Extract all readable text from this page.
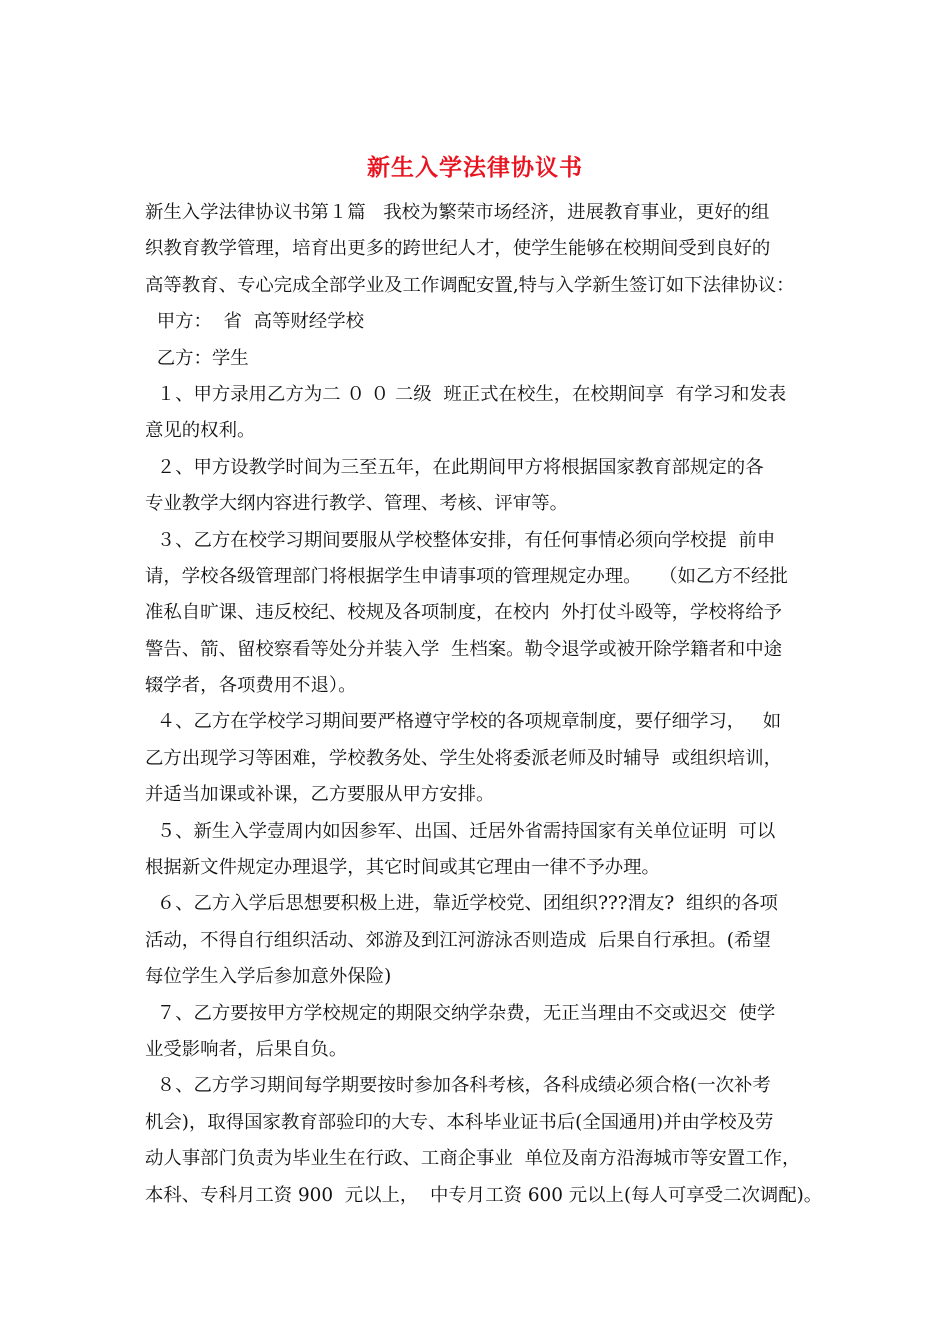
新生入学法律协议书
新生入学法律协议书第１篇   我校为繁荣市场经济，进展教育事业，更好的组
织教育教学管理，培育出更多的跨世纪人才，使学生能够在校期间受到良好的
高等教育、专心完成全部学业及工作调配安置,特与入学新生签订如下法律协议：
甲方：  省  高等财经学校
乙方：学生
１、甲方录用乙方为二 ０ ０ 二级  班正式在校生，在校期间享  有学习和发表
意见的权利。
２、甲方设教学时间为三至五年，在此期间甲方将根据国家教育部规定的各
专业教学大纲内容进行教学、管理、考核、评审等。
３、乙方在校学习期间要服从学校整体安排，有任何事情必须向学校提  前申
请，学校各级管理部门将根据学生申请事项的管理规定办理。   （如乙方不经批
准私自旷课、违反校纪、校规及各项制度，在校内  外打仗斗殴等，学校将给予
警告、箭、留校察看等处分并装入学  生档案。勒令退学或被开除学籍者和中途
辍学者，各项费用不退）。
４、乙方在学校学习期间要严格遵守学校的各项规章制度，要仔细学习，   如
乙方出现学习等困难，学校教务处、学生处将委派老师及时辅导  或组织培训，
并适当加课或补课，乙方要服从甲方安排。
５、新生入学壹周内如因参军、出国、迁居外省需持国家有关单位证明  可以
根据新文件规定办理退学，其它时间或其它理由一律不予办理。
６、乙方入学后思想要积极上进，靠近学校党、团组织???渭友?  组织的各项
活动，不得自行组织活动、郊游及到江河游泳否则造成  后果自行承担。(希望
每位学生入学后参加意外保险)
７、乙方要按甲方学校规定的期限交纳学杂费，无正当理由不交或迟交  使学
业受影响者，后果自负。
８、乙方学习期间每学期要按时参加各科考核，各科成绩必须合格(一次补考
机会)，取得国家教育部验印的大专、本科毕业证书后(全国通用)并由学校及劳
动人事部门负责为毕业生在行政、工商企事业  单位及南方沿海城市等安置工作，
本科、专科月工资 900  元以上，  中专月工资 600 元以上(每人可享受二次调配)。
